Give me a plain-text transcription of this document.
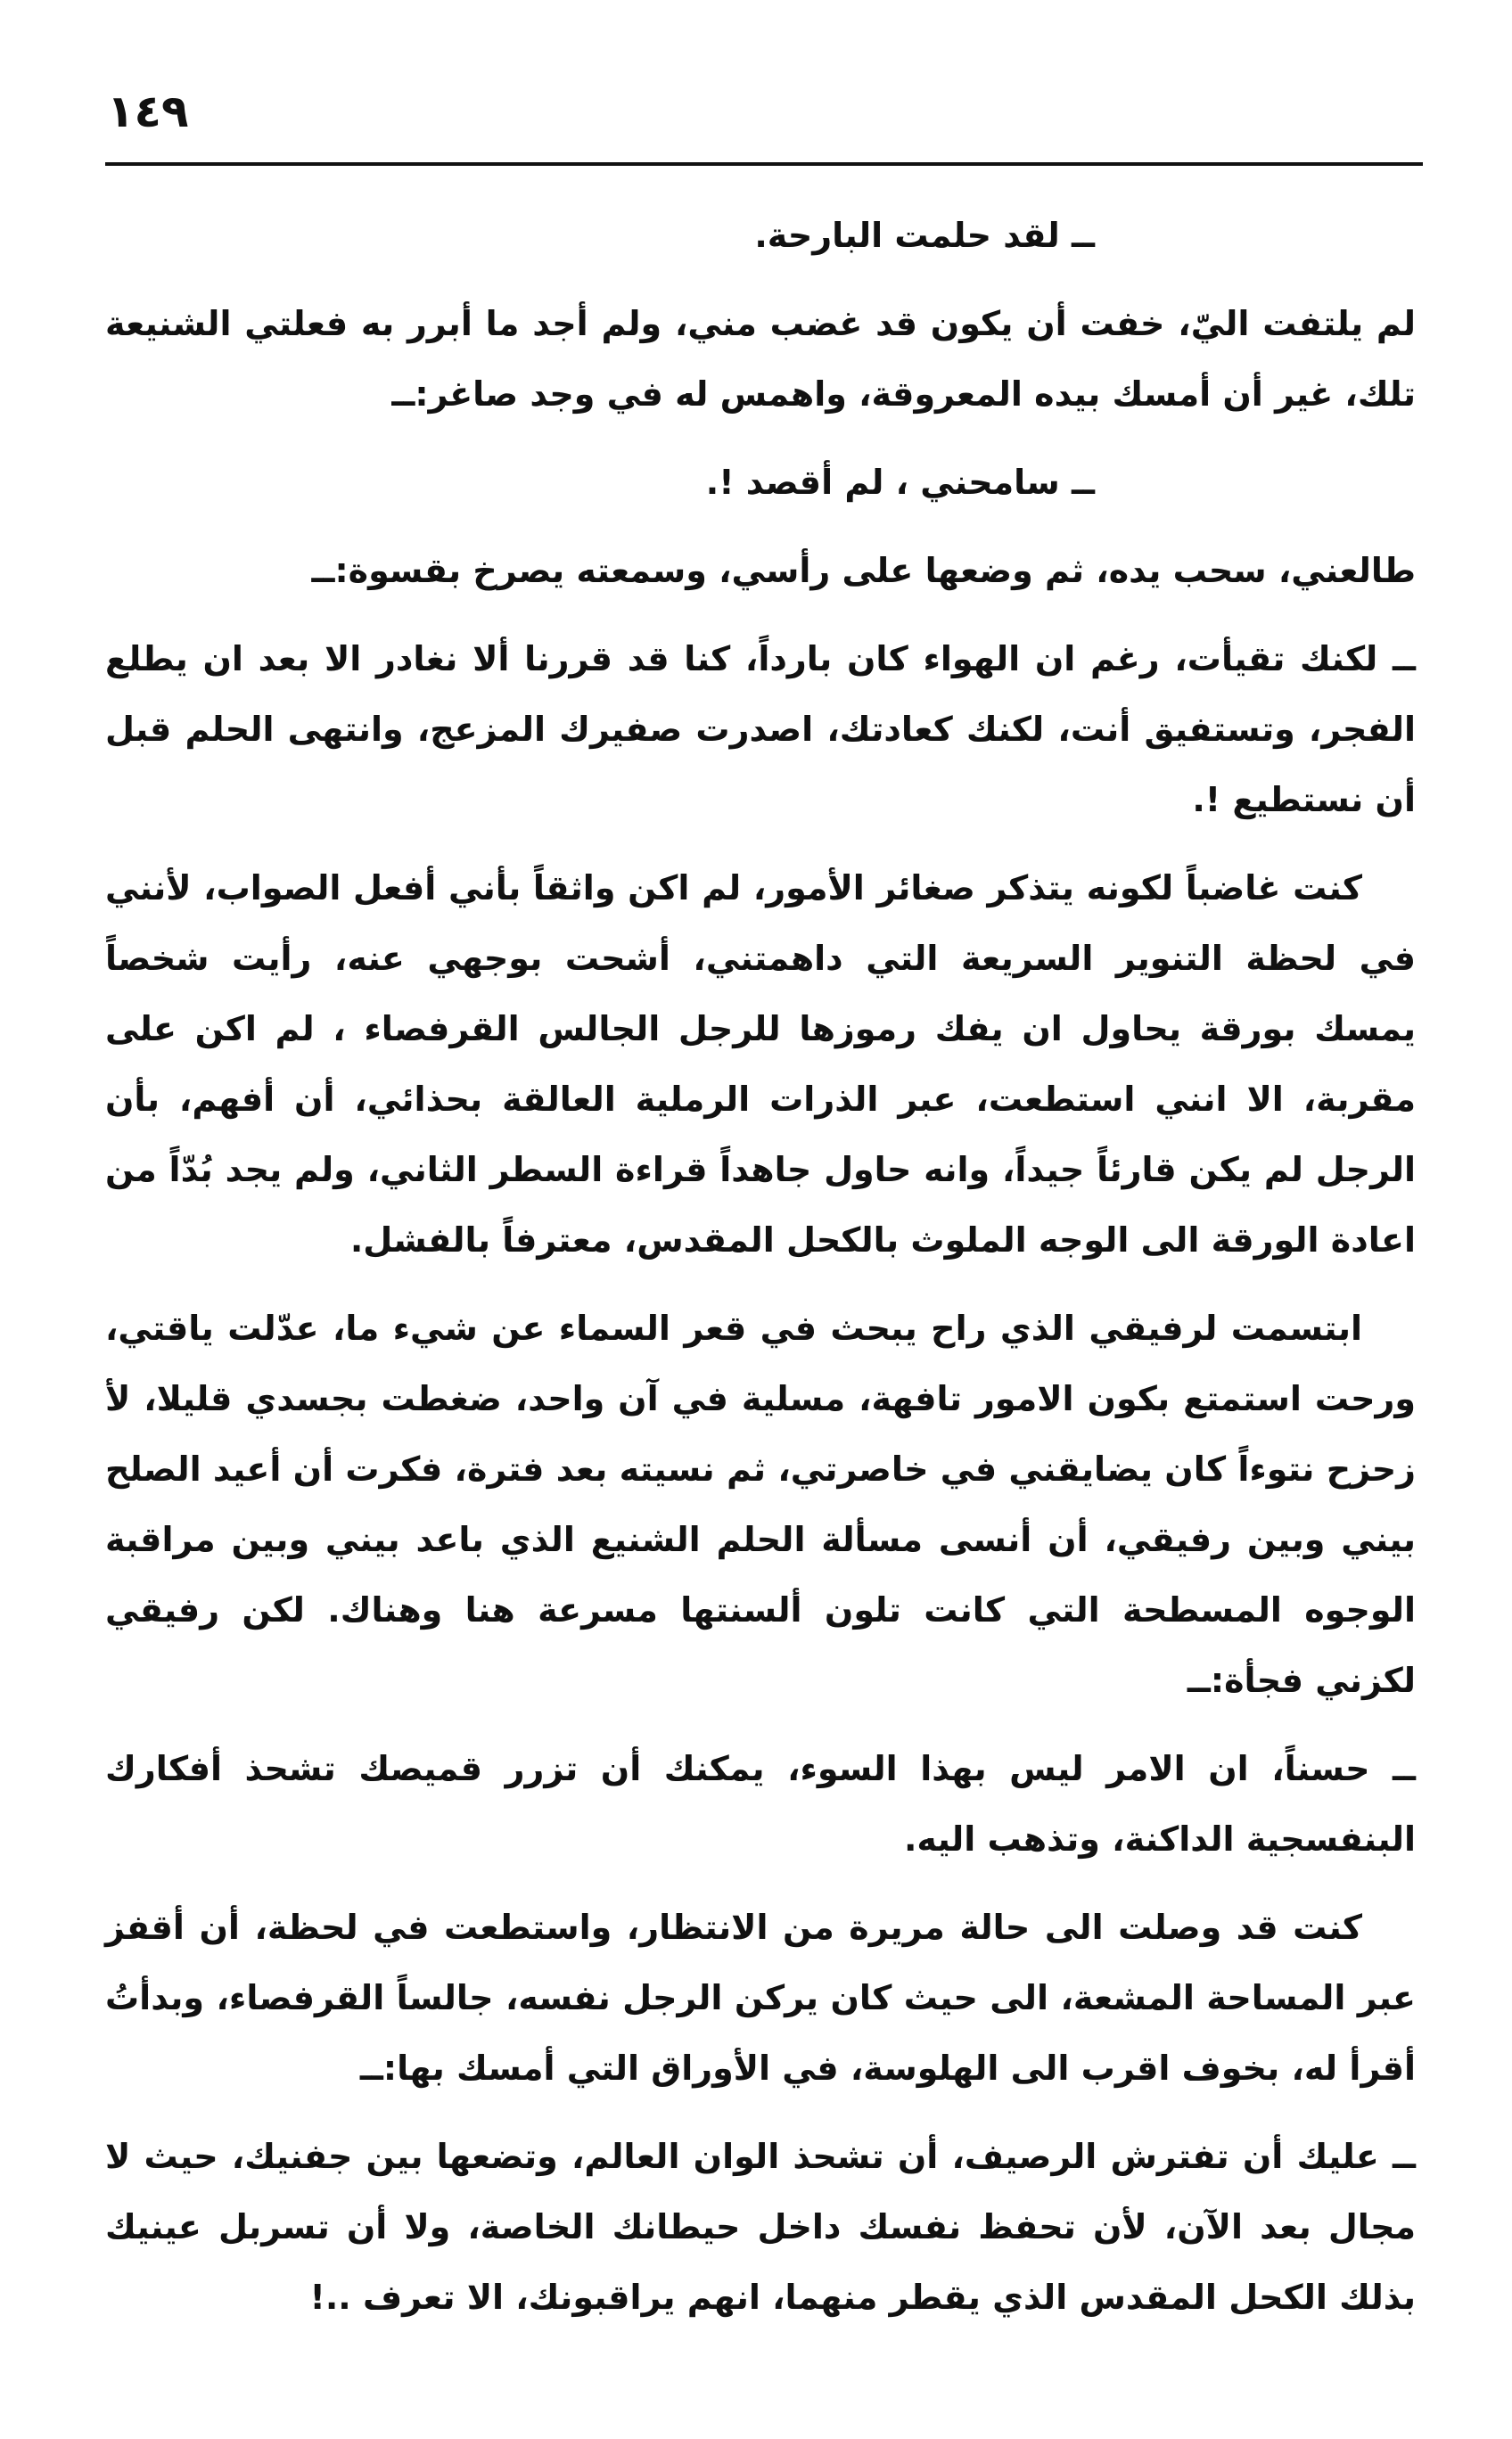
١٤٩

ــ لقد حلمت البارحة.

لم يلتفت اليّ، خفت أن يكون قد غضب مني، ولم أجد ما أبرر به فعلتي الشنيعة تلك، غير أن أمسك بيده المعروقة، واهمس له في وجد صاغر:ــ

ــ سامحني ، لم أقصد !.

طالعني، سحب يده، ثم وضعها على رأسي، وسمعته يصرخ بقسوة:ــ

ــ لكنك تقيأت، رغم ان الهواء كان بارداً، كنا قد قررنا ألا نغادر الا بعد ان يطلع الفجر، وتستفيق أنت، لكنك كعادتك، اصدرت صفيرك المزعج، وانتهى الحلم قبل أن نستطيع !.

كنت غاضباً لكونه يتذكر صغائر الأمور، لم اكن واثقاً بأني أفعل الصواب، لأنني في لحظة التنوير السريعة التي داهمتني، أشحت بوجهي عنه، رأيت شخصاً يمسك بورقة يحاول ان يفك رموزها للرجل الجالس القرفصاء ، لم اكن على مقربة، الا انني استطعت، عبر الذرات الرملية العالقة بحذائي، أن أفهم، بأن الرجل لم يكن قارئاً جيداً، وانه حاول جاهداً قراءة السطر الثاني، ولم يجد بُدّاً من اعادة الورقة الى الوجه الملوث بالكحل المقدس، معترفاً بالفشل.

ابتسمت لرفيقي الذي راح يبحث في قعر السماء عن شيء ما، عدّلت ياقتي، ورحت استمتع بكون الامور تافهة، مسلية في آن واحد، ضغطت بجسدي قليلا، لأ زحزح نتوءاً كان يضايقني في خاصرتي، ثم نسيته بعد فترة، فكرت أن أعيد الصلح بيني وبين رفيقي، أن أنسى مسألة الحلم الشنيع الذي باعد بيني وبين مراقبة الوجوه المسطحة التي كانت تلون ألسنتها مسرعة هنا وهناك. لكن رفيقي لكزني فجأة:ــ

ــ حسناً، ان الامر ليس بهذا السوء، يمكنك أن تزرر قميصك تشحذ أفكارك البنفسجية الداكنة، وتذهب اليه.

كنت قد وصلت الى حالة مريرة من الانتظار، واستطعت في لحظة، أن أقفز عبر المساحة المشعة، الى حيث كان يركن الرجل نفسه، جالساً القرفصاء، وبدأتُ أقرأ له، بخوف اقرب الى الهلوسة، في الأوراق التي أمسك بها:ــ

ــ عليك أن تفترش الرصيف، أن تشحذ الوان العالم، وتضعها بين جفنيك، حيث لا مجال بعد الآن، لأن تحفظ نفسك داخل حيطانك الخاصة، ولا أن تسربل عينيك بذلك الكحل المقدس الذي يقطر منهما، انهم يراقبونك، الا تعرف ..!
